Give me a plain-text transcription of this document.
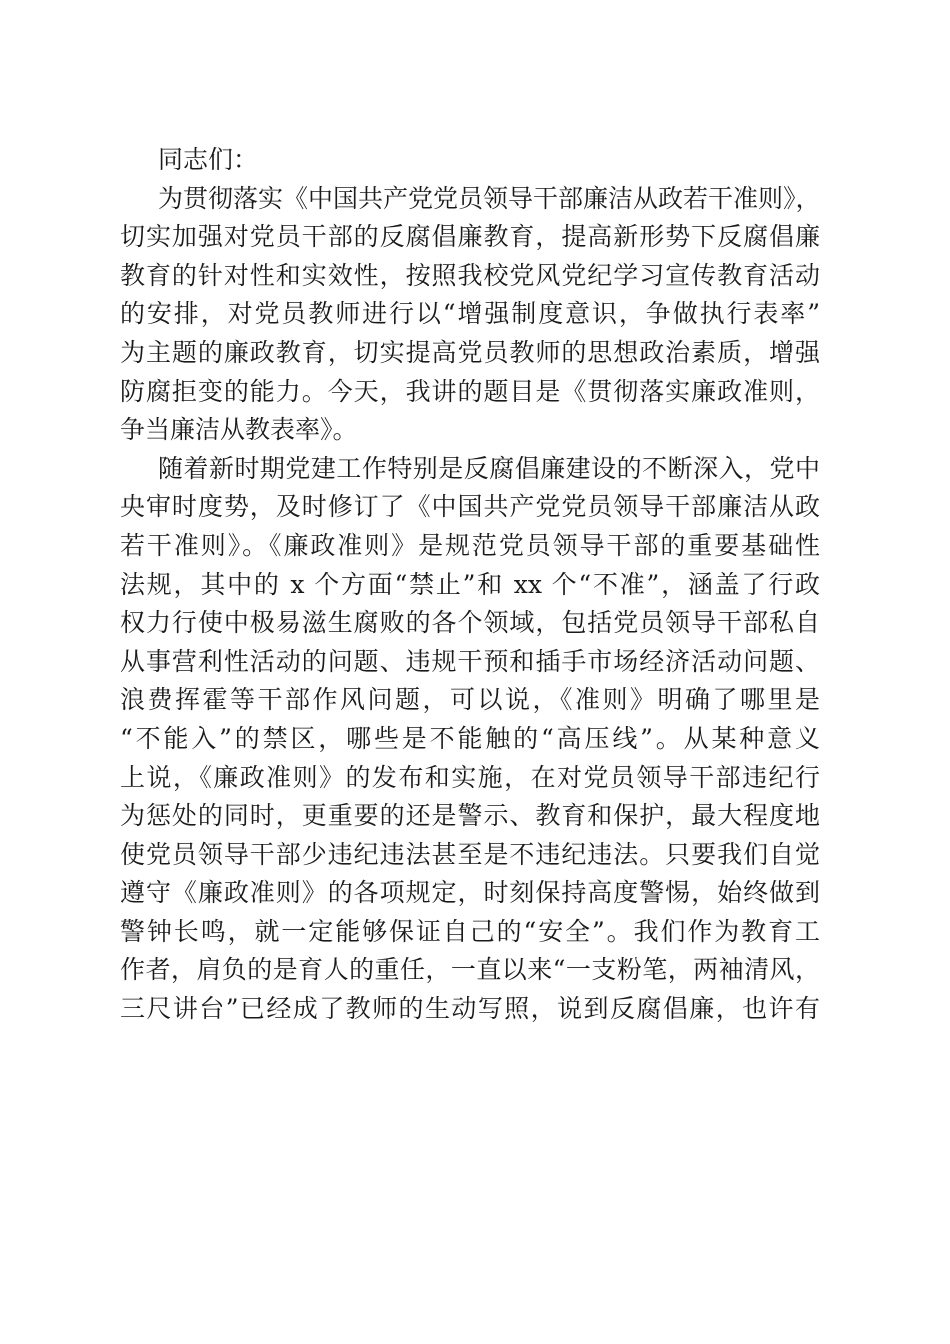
同志们：

为贯彻落实《中国共产党党员领导干部廉洁从政若干准则》，
切实加强对党员干部的反腐倡廉教育，提高新形势下反腐倡廉
教育的针对性和实效性，按照我校党风党纪学习宣传教育活动
的安排，对党员教师进行以“增强制度意识，争做执行表率”
为主题的廉政教育，切实提高党员教师的思想政治素质，增强
防腐拒变的能力。今天，我讲的题目是《贯彻落实廉政准则，
争当廉洁从教表率》。

随着新时期党建工作特别是反腐倡廉建设的不断深入，党中
央审时度势，及时修订了《中国共产党党员领导干部廉洁从政
若干准则》。《廉政准则》是规范党员领导干部的重要基础性
法规，其中的 x 个方面“禁止”和 xx 个“不准”，涵盖了行政
权力行使中极易滋生腐败的各个领域，包括党员领导干部私自
从事营利性活动的问题、违规干预和插手市场经济活动问题、
浪费挥霍等干部作风问题，可以说，《准则》明确了哪里是
“不能入”的禁区，哪些是不能触的“高压线”。从某种意义
上说，《廉政准则》的发布和实施，在对党员领导干部违纪行
为惩处的同时，更重要的还是警示、教育和保护，最大程度地
使党员领导干部少违纪违法甚至是不违纪违法。只要我们自觉
遵守《廉政准则》的各项规定，时刻保持高度警惕，始终做到
警钟长鸣，就一定能够保证自己的“安全”。我们作为教育工
作者，肩负的是育人的重任，一直以来“一支粉笔，两袖清风，
三尺讲台”已经成了教师的生动写照，说到反腐倡廉，也许有
